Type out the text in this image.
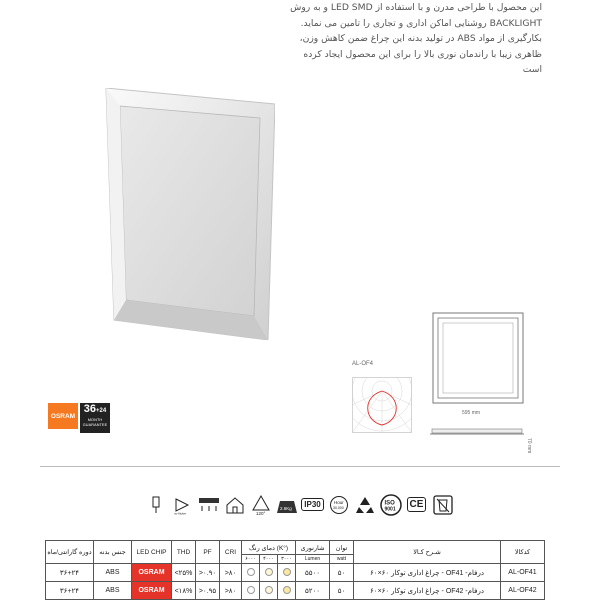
این محصول با طراحی مدرن و با استفاده از LED SMD و به روش

BACKLIGHT روشنایی اماکن اداری و تجاری را تامین می نماید.

بکارگیری از مواد ABS در تولید بدنه این چراغ ضمن کاهش وزن،

ظاهری زیبا با راندمان نوری بالا را برای این محصول ایجاد کرده

است

OSRAM
36+24
MONTH
GUARANTEE
AL-OF4
595 mm
70 mm
no-flicker	120°
2.6Kg	IP30	Hour
30,000
ISO
9001	CE
دوره گارانتی/ماه	جنس بدنه	LED CHIP	THD	PF	CRI	دمای رنگ (K°)			شارنوری	توان	شـرح کـالا	کدکالا
						۶۰۰۰	۴۰۰۰	۳۰۰۰	Lumen	watt		
۳۶+۲۴	ABS	OSRAM	<۲۵%	>۰.۹۰	>۸۰				۵۵۰۰	۵۰	درفام- OF41 - چراغ اداری توکار ۶۰×۶۰	AL-OF41
۳۶+۲۴	ABS	OSRAM	<۱۸%	>۰.۹۵	>۸۰				۵۲۰۰	۵۰	درفام- OF42 - چراغ اداری توکار ۶۰×۶۰	AL-OF42
